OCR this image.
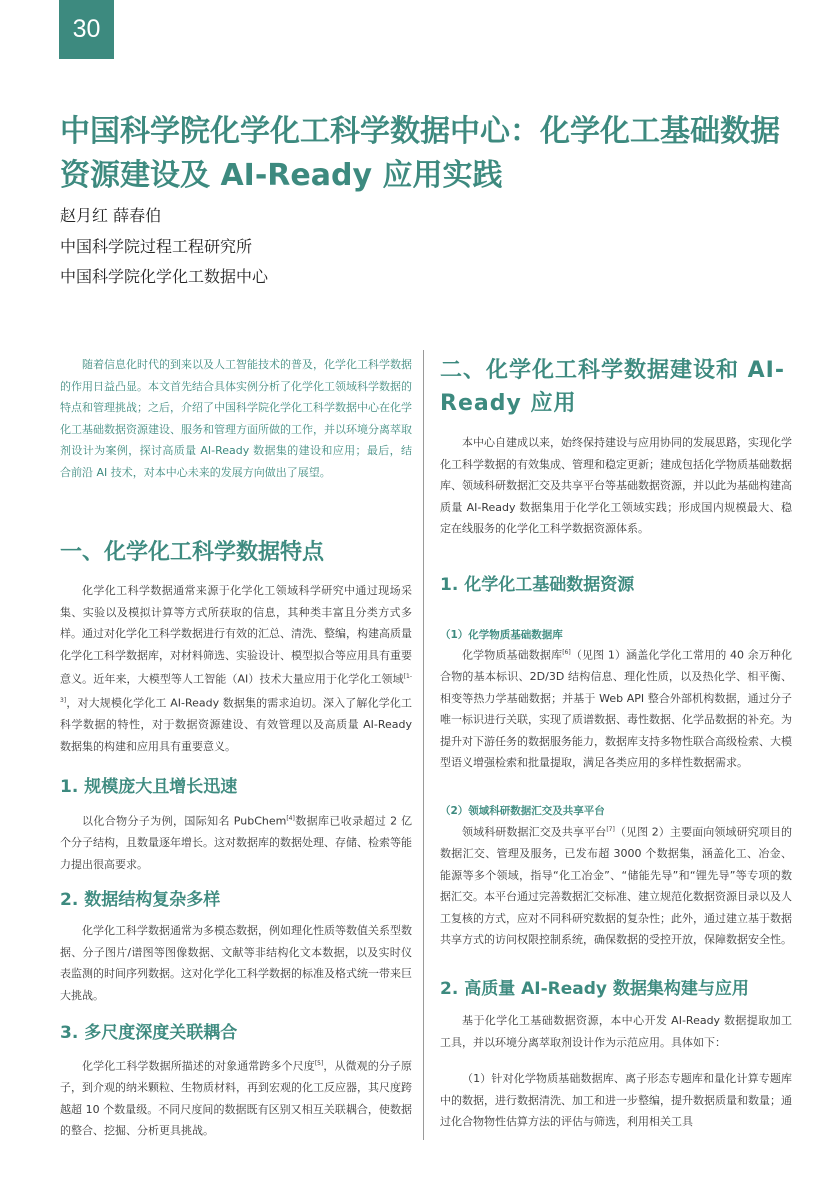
30
中国科学院化学化工科学数据中心：化学化工基础数据资源建设及 AI-Ready 应用实践
赵月红 薛春伯
中国科学院过程工程研究所
中国科学院化学化工数据中心

随着信息化时代的到来以及人工智能技术的普及，化学化工科学数据的作用日益凸显。本文首先结合具体实例分析了化学化工领域科学数据的特点和管理挑战；之后，介绍了中国科学院化学化工科学数据中心在化学化工基础数据资源建设、服务和管理方面所做的工作，并以环境分离萃取剂设计为案例，探讨高质量 AI-Ready 数据集的建设和应用；最后，结合前沿 AI 技术，对本中心未来的发展方向做出了展望。

一、化学化工科学数据特点

化学化工科学数据通常来源于化学化工领域科学研究中通过现场采集、实验以及模拟计算等方式所获取的信息，其种类丰富且分类方式多样。通过对化学化工科学数据进行有效的汇总、清洗、整编，构建高质量化学化工科学数据库，对材料筛选、实验设计、模型拟合等应用具有重要意义。近年来，大模型等人工智能（AI）技术大量应用于化学化工领域[1-3]，对大规模化学化工 AI-Ready 数据集的需求迫切。深入了解化学化工科学数据的特性，对于数据资源建设、有效管理以及高质量 AI-Ready 数据集的构建和应用具有重要意义。

1. 规模庞大且增长迅速

以化合物分子为例，国际知名 PubChem[4]数据库已收录超过 2 亿个分子结构，且数量逐年增长。这对数据库的数据处理、存储、检索等能力提出很高要求。

2. 数据结构复杂多样

化学化工科学数据通常为多模态数据，例如理化性质等数值关系型数据、分子图片/谱图等图像数据、文献等非结构化文本数据，以及实时仪表监测的时间序列数据。这对化学化工科学数据的标准及格式统一带来巨大挑战。

3. 多尺度深度关联耦合

化学化工科学数据所描述的对象通常跨多个尺度[5]，从微观的分子原子，到介观的纳米颗粒、生物质材料，再到宏观的化工反应器，其尺度跨越超 10 个数量级。不同尺度间的数据既有区别又相互关联耦合，使数据的整合、挖掘、分析更具挑战。

二、化学化工科学数据建设和 AI-Ready 应用

本中心自建成以来，始终保持建设与应用协同的发展思路，实现化学化工科学数据的有效集成、管理和稳定更新；建成包括化学物质基础数据库、领域科研数据汇交及共享平台等基础数据资源，并以此为基础构建高质量 AI-Ready 数据集用于化学化工领域实践；形成国内规模最大、稳定在线服务的化学化工科学数据资源体系。

1. 化学化工基础数据资源
（1）化学物质基础数据库

化学物质基础数据库[6]（见图 1）涵盖化学化工常用的 40 余万种化合物的基本标识、2D/3D 结构信息、理化性质，以及热化学、相平衡、相变等热力学基础数据；并基于 Web API 整合外部机构数据，通过分子唯一标识进行关联，实现了质谱数据、毒性数据、化学品数据的补充。为提升对下游任务的数据服务能力，数据库支持多物性联合高级检索、大模型语义增强检索和批量提取，满足各类应用的多样性数据需求。

（2）领域科研数据汇交及共享平台

领域科研数据汇交及共享平台[7]（见图 2）主要面向领域研究项目的数据汇交、管理及服务，已发布超 3000 个数据集，涵盖化工、冶金、能源等多个领域，指导“化工冶金”、“储能先导”和“锂先导”等专项的数据汇交。本平台通过完善数据汇交标准、建立规范化数据资源目录以及人工复核的方式，应对不同科研究数据的复杂性；此外，通过建立基于数据共享方式的访问权限控制系统，确保数据的受控开放，保障数据安全性。

2. 高质量 AI-Ready 数据集构建与应用

基于化学化工基础数据资源，本中心开发 AI-Ready 数据提取加工工具，并以环境分离萃取剂设计作为示范应用。具体如下：

（1）针对化学物质基础数据库、离子形态专题库和量化计算专题库中的数据，进行数据清洗、加工和进一步整编，提升数据质量和数量；通过化合物物性估算方法的评估与筛选，利用相关工具
